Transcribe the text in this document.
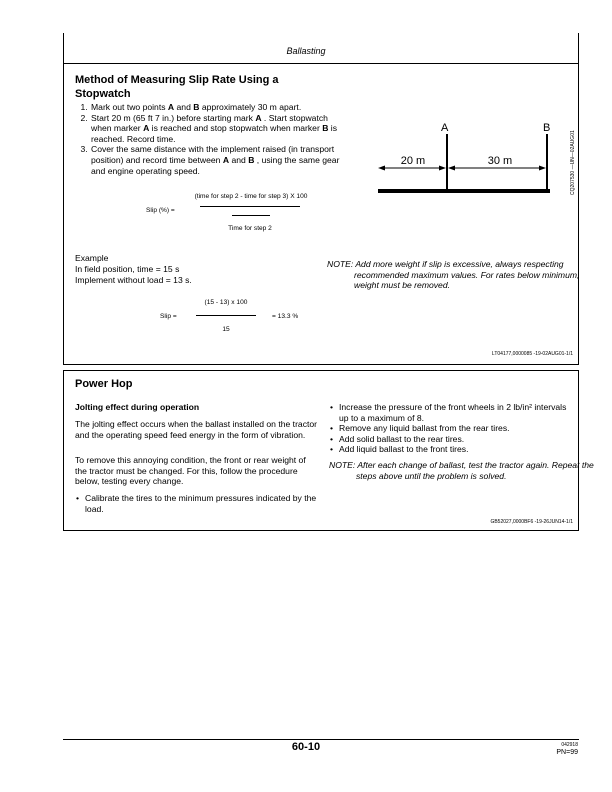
Ballasting
Method of Measuring Slip Rate Using a Stopwatch
1. Mark out two points A and B approximately 30 m apart.
2. Start 20 m (65 ft 7 in.) before starting mark A . Start stopwatch when marker A is reached and stop stopwatch when marker B is reached. Record time.
3. Cover the same distance with the implement raised (in transport position) and record time between A and B , using the same gear and engine operating speed.
Slip (%) =
(time for step 2 - time for step 3) X 100
Time for step 2
A	B
20 m	30 m	CQ207530 —UN—02AUG01
Example
In field position, time = 15 s
Implement without load = 13 s.
Slip =
(15 - 13) x 100
15
= 13.3 %
NOTE: Add more weight if slip is excessive, always respecting recommended maximum values. For rates below minimum, weight must be removed.
LT04177,0000085 -19-02AUG01-1/1
Power Hop
Jolting effect during operation
The jolting effect occurs when the ballast installed on the tractor and the operating speed feed energy in the form of vibration.
To remove this annoying condition, the front or rear weight of the tractor must be changed. For this, follow the procedure below, testing every change.
• Calibrate the tires to the minimum pressures indicated by the load.
• Increase the pressure of the front wheels in 2 lb/in² intervals up to a maximum of 8.
• Remove any liquid ballast from the rear tires.
• Add solid ballast to the rear tires.
• Add liquid ballast to the front tires.
NOTE: After each change of ballast, test the tractor again. Repeat the steps above until the problem is solved.
GB52027,0000BF6 -19-26JUN14-1/1
60-10	042918
PN=99
